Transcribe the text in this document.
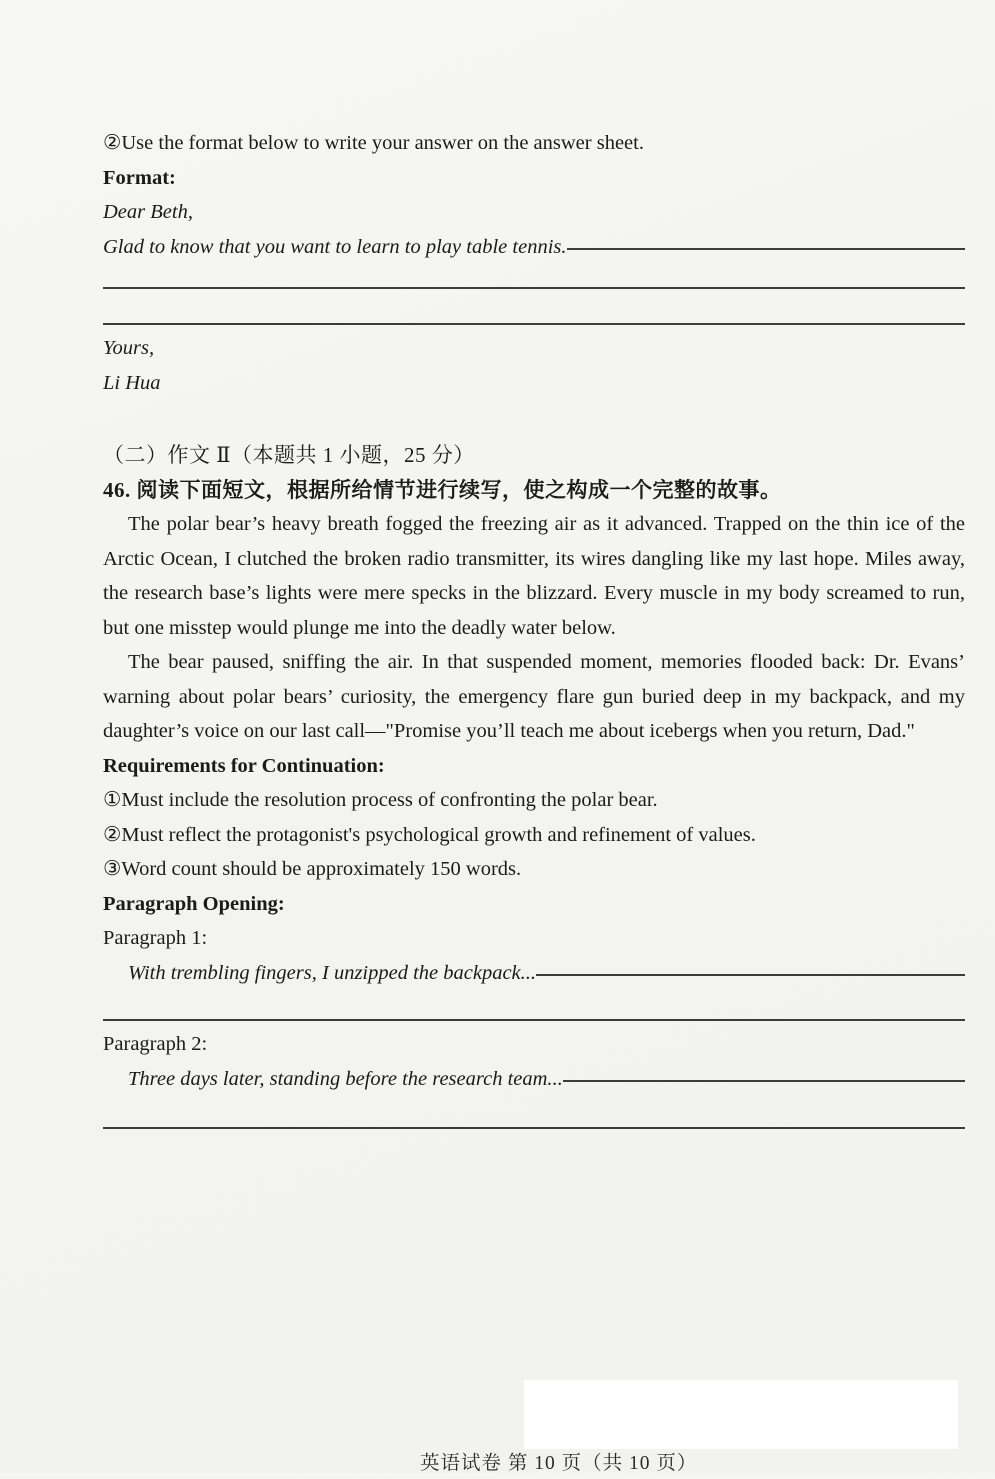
②Use the format below to write your answer on the answer sheet.
Format:
Dear Beth,
Glad to know that you want to learn to play table tennis.
Yours,
Li Hua
（二）作文 Ⅱ（本题共 1 小题，25 分）
46. 阅读下面短文，根据所给情节进行续写，使之构成一个完整的故事。

The polar bear’s heavy breath fogged the freezing air as it advanced. Trapped on the thin ice of the Arctic Ocean, I clutched the broken radio transmitter, its wires dangling like my last hope. Miles away, the research base’s lights were mere specks in the blizzard. Every muscle in my body screamed to run, but one misstep would plunge me into the deadly water below.

The bear paused, sniffing the air. In that suspended moment, memories flooded back: Dr. Evans’ warning about polar bears’ curiosity, the emergency flare gun buried deep in my backpack, and my daughter’s voice on our last call—"Promise you’ll teach me about icebergs when you return, Dad."

Requirements for Continuation:
①Must include the resolution process of confronting the polar bear.
②Must reflect the protagonist's psychological growth and refinement of values.
③Word count should be approximately 150 words.
Paragraph Opening:
Paragraph 1:
With trembling fingers, I unzipped the backpack...
Paragraph 2:
Three days later, standing before the research team...
英语试卷 第 10 页（共 10 页）
